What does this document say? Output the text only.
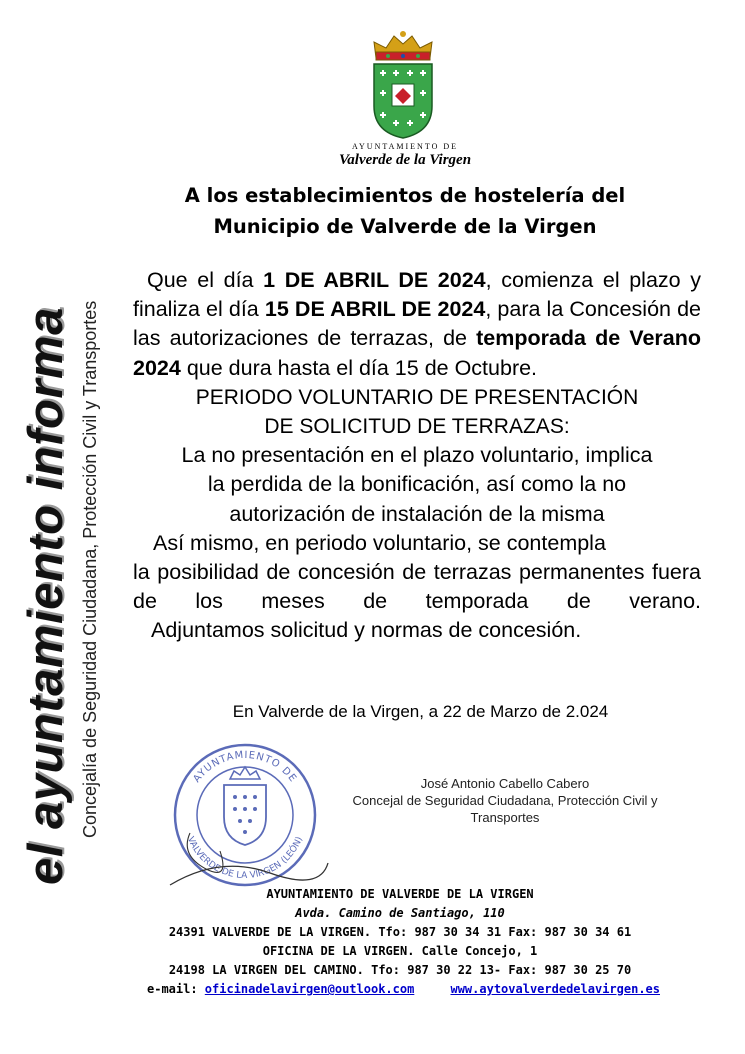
AYUNTAMIENTO DE
Valverde de la Virgen
el ayuntamiento informa Concejalía de Seguridad Ciudadana, Protección Civil y Transportes
A los establecimientos de hostelería del
Municipio de Valverde de la Virgen

Que el día 1 DE ABRIL DE 2024, comienza el plazo y finaliza el día 15 DE ABRIL DE 2024, para la Concesión de las autorizaciones de terrazas, de temporada de Verano 2024 que dura hasta el día 15 de Octubre.

PERIODO VOLUNTARIO DE PRESENTACIÓN

DE SOLICITUD DE TERRAZAS:

La no presentación en el plazo voluntario, implica

la perdida de la bonificación, así como la no

autorización de instalación de la misma

Así mismo, en periodo voluntario, se contempla

la posibilidad de concesión de terrazas permanentes fuera de los meses de temporada de verano.

Adjuntamos solicitud y normas de concesión.

En Valverde de la Virgen, a 22 de Marzo de 2.024
AYUNTAMIENTO DE
VALVERDE DE LA VIRGEN (LEÓN)
José Antonio Cabello Cabero
Concejal de Seguridad Ciudadana, Protección Civil y Transportes
AYUNTAMIENTO DE VALVERDE DE LA VIRGEN
Avda. Camino de Santiago, 110
24391 VALVERDE DE LA VIRGEN. Tfo: 987 30 34 31 Fax: 987 30 34 61
OFICINA DE LA VIRGEN. Calle Concejo, 1
24198 LA VIRGEN DEL CAMINO. Tfo: 987 30 22 13- Fax: 987 30 25 70
e-mail: oficinadelavirgen@outlook.com	www.aytovalverdedelavirgen.es
